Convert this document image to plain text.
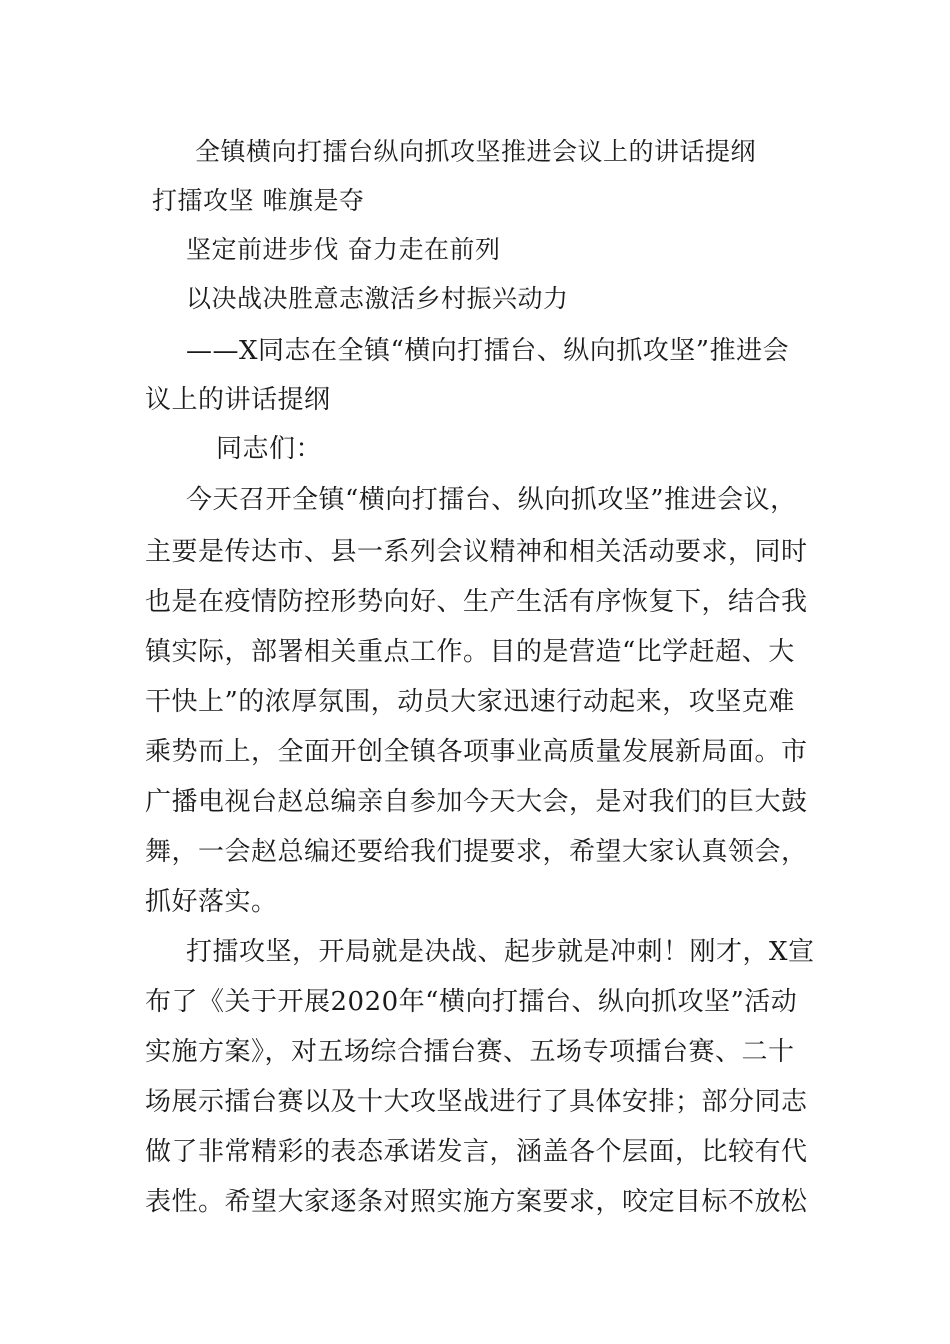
全镇横向打擂台纵向抓攻坚推进会议上的讲话提纲
打擂攻坚 唯旗是夺
坚定前进步伐 奋力走在前列
以决战决胜意志激活乡村振兴动力
——X同志在全镇“横向打擂台、纵向抓攻坚”推进会
议上的讲话提纲
同志们：
今天召开全镇“横向打擂台、纵向抓攻坚”推进会议，
主要是传达市、县一系列会议精神和相关活动要求，同时
也是在疫情防控形势向好、生产生活有序恢复下，结合我
镇实际，部署相关重点工作。目的是营造“比学赶超、大
干快上”的浓厚氛围，动员大家迅速行动起来，攻坚克难
乘势而上，全面开创全镇各项事业高质量发展新局面。市
广播电视台赵总编亲自参加今天大会，是对我们的巨大鼓
舞，一会赵总编还要给我们提要求，希望大家认真领会，
抓好落实。
打擂攻坚，开局就是决战、起步就是冲刺！刚才，X宣
布了《关于开展2020年“横向打擂台、纵向抓攻坚”活动
实施方案》，对五场综合擂台赛、五场专项擂台赛、二十
场展示擂台赛以及十大攻坚战进行了具体安排；部分同志
做了非常精彩的表态承诺发言，涵盖各个层面，比较有代
表性。希望大家逐条对照实施方案要求，咬定目标不放松
